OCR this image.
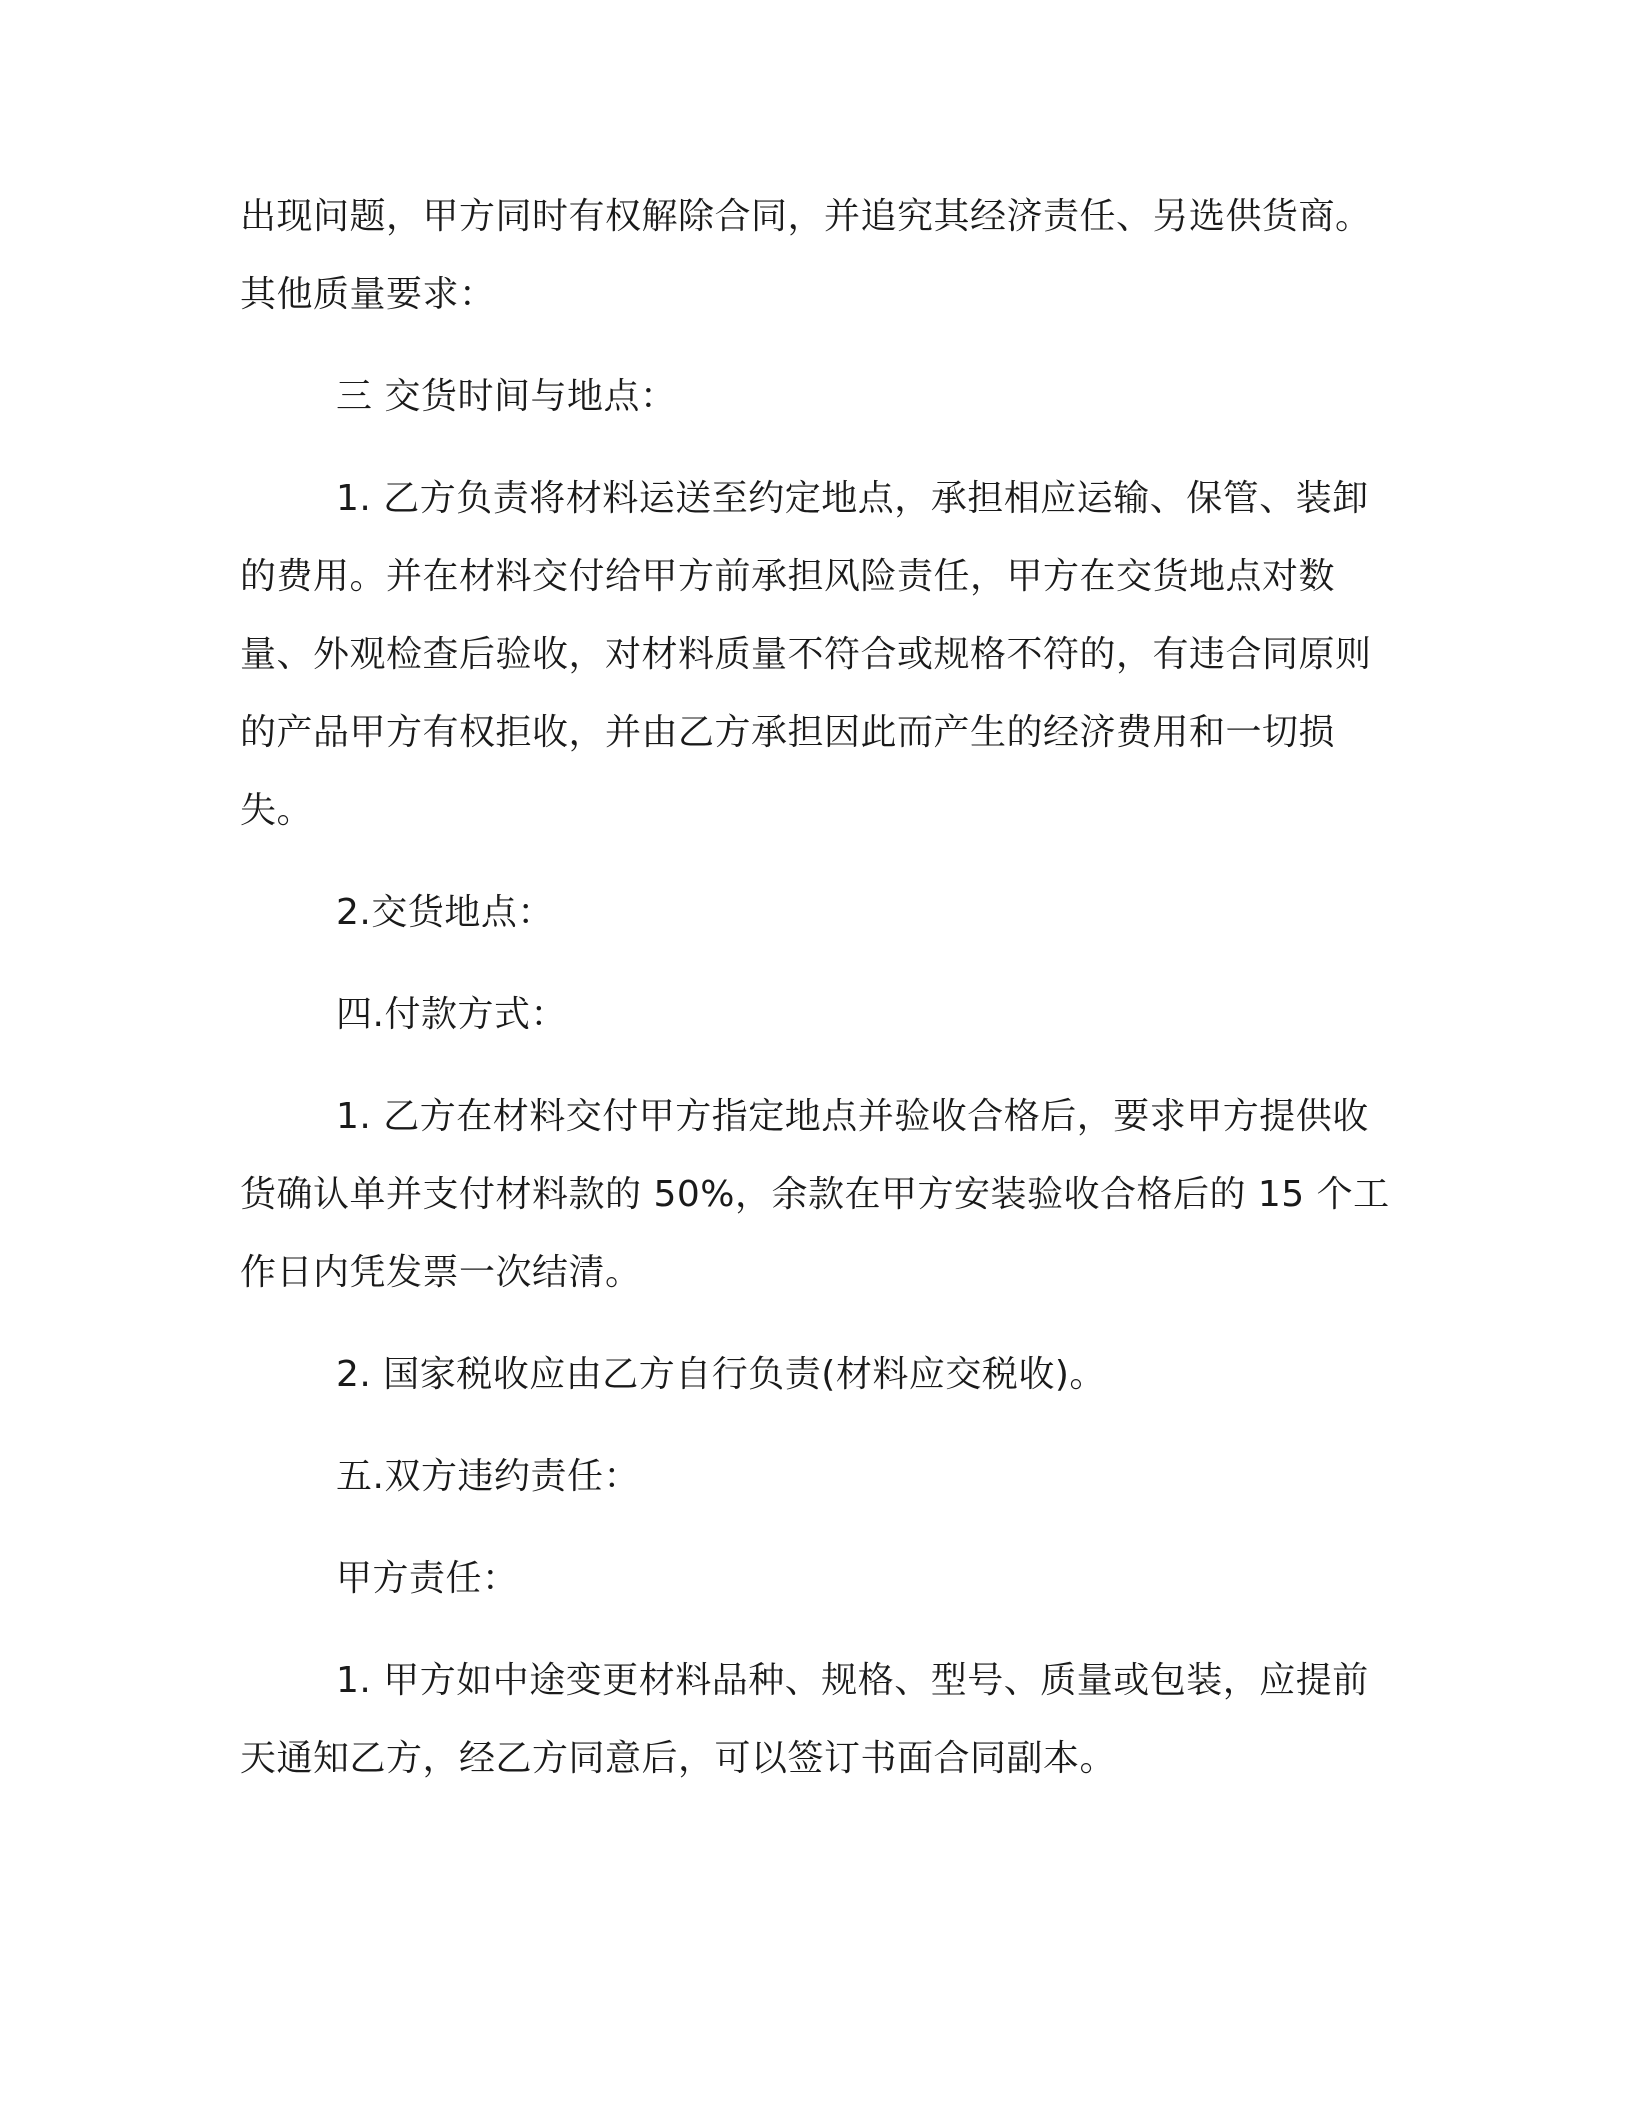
出现问题，甲方同时有权解除合同，并追究其经济责任、另选供货商。其他质量要求：

三 交货时间与地点：

1. 乙方负责将材料运送至约定地点，承担相应运输、保管、装卸的费用。并在材料交付给甲方前承担风险责任，甲方在交货地点对数量、外观检查后验收，对材料质量不符合或规格不符的，有违合同原则的产品甲方有权拒收，并由乙方承担因此而产生的经济费用和一切损失。

2.交货地点：

四.付款方式：

1. 乙方在材料交付甲方指定地点并验收合格后，要求甲方提供收货确认单并支付材料款的 50%，余款在甲方安装验收合格后的 15 个工作日内凭发票一次结清。

2. 国家税收应由乙方自行负责(材料应交税收)。

五.双方违约责任：

甲方责任：

1. 甲方如中途变更材料品种、规格、型号、质量或包装，应提前天通知乙方，经乙方同意后，可以签订书面合同副本。
